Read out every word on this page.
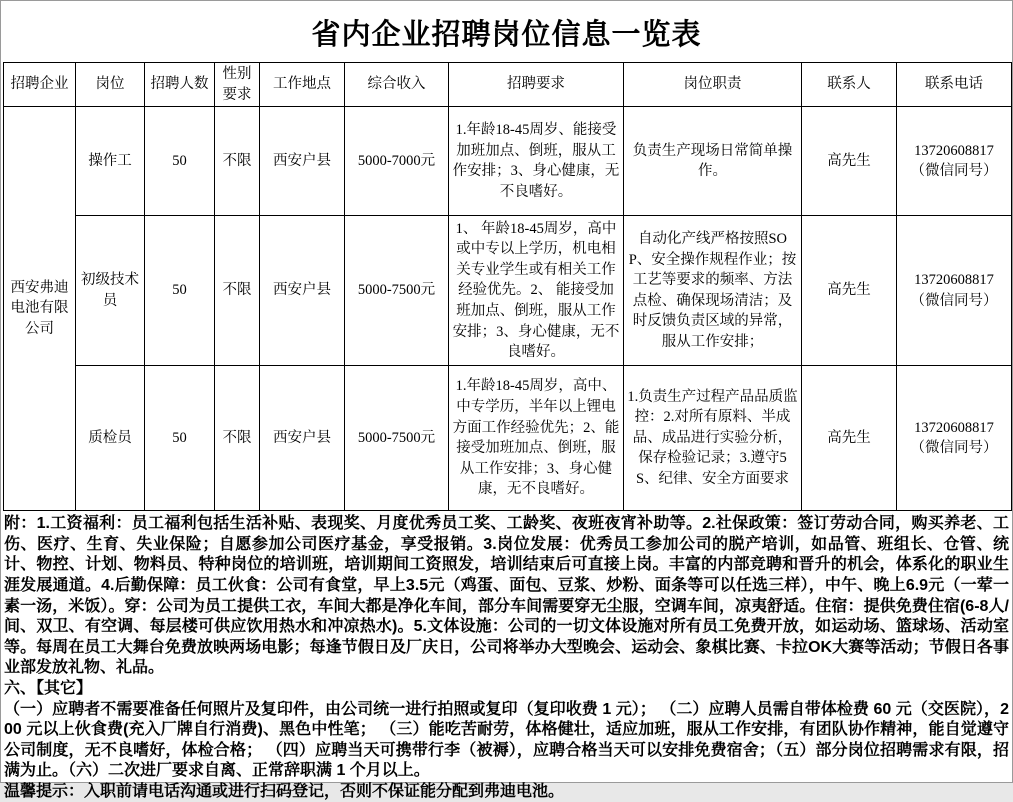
省内企业招聘岗位信息一览表
招聘企业	岗位	招聘人数	性别要求	工作地点	综合收入	招聘要求	岗位职责	联系人	联系电话
西安弗迪电池有限公司	操作工	50	不限	西安户县	5000-7000元	1.年龄18-45周岁、能接受加班加点、倒班，服从工作安排；3、身心健康，无不良嗜好。	负责生产现场日常简单操作。	高先生	13720608817
（微信同号）

	初级技术员	50	不限	西安户县	5000-7500元	1、 年龄18-45周岁，高中或中专以上学历，机电相关专业学生或有相关工作经验优先。2、 能接受加班加点、倒班，服从工作安排；3、身心健康，无不良嗜好。	自动化产线严格按照SOP、安全操作规程作业；按工艺等要求的频率、方法点检、确保现场清洁；及时反馈负责区域的异常，服从工作安排；	高先生	13720608817
（微信同号）

	质检员	50	不限	西安户县	5000-7500元	1.年龄18-45周岁，高中、中专学历，半年以上锂电方面工作经验优先；2、能接受加班加点、倒班，服从工作安排；3、身心健康，无不良嗜好。	1.负责生产过程产品品质监控：2.对所有原料、半成品、成品进行实验分析，保存检验记录；3.遵守5S、纪律、安全方面要求	高先生	13720608817
（微信同号）

附：1.工资福利：员工福利包括生活补贴、表现奖、月度优秀员工奖、工龄奖、夜班夜宵补助等。2.社保政策：签订劳动合同，购买养老、工伤、医疗、生育、失业保险；自愿参加公司医疗基金，享受报销。3.岗位发展：优秀员工参加公司的脱产培训，如品管、班组长、仓管、统计、物控、计划、物料员、特种岗位的培训班，培训期间工资照发，培训结束后可直接上岗。丰富的内部竞聘和晋升的机会，体系化的职业生涯发展通道。4.后勤保障：员工伙食：公司有食堂，早上3.5元（鸡蛋、面包、豆浆、炒粉、面条等可以任选三样），中午、晚上6.9元（一荤一素一汤，米饭）。穿：公司为员工提供工衣，车间大都是净化车间，部分车间需要穿无尘服，空调车间，凉夷舒适。住宿：提供免费住宿(6-8人/间、双卫、有空调、每层楼可供应饮用热水和冲凉热水)。5.文体设施：公司的一切文体设施对所有员工免费开放，如运动场、篮球场、活动室等。每周在员工大舞台免费放映两场电影；每逢节假日及厂庆日，公司将举办大型晚会、运动会、象棋比赛、卡拉OK大赛等活动；节假日各事业部发放礼物、礼品。

六、【其它】

（一）应聘者不需要准备任何照片及复印件，由公司统一进行拍照或复印（复印收费 1 元）； （二）应聘人员需自带体检费 60 元（交医院），200 元以上伙食费(充入厂牌自行消费)、黑色中性笔； （三）能吃苦耐劳，体格健壮，适应加班，服从工作安排，有团队协作精神，能自觉遵守公司制度，无不良嗜好，体检合格； （四）应聘当天可携带行李（被褥），应聘合格当天可以安排免费宿舍；（五）部分岗位招聘需求有限，招满为止。（六）二次进厂要求自离、正常辞职满 1 个月以上。

温馨提示：入职前请电话沟通或进行扫码登记，否则不保证能分配到弗迪电池。
